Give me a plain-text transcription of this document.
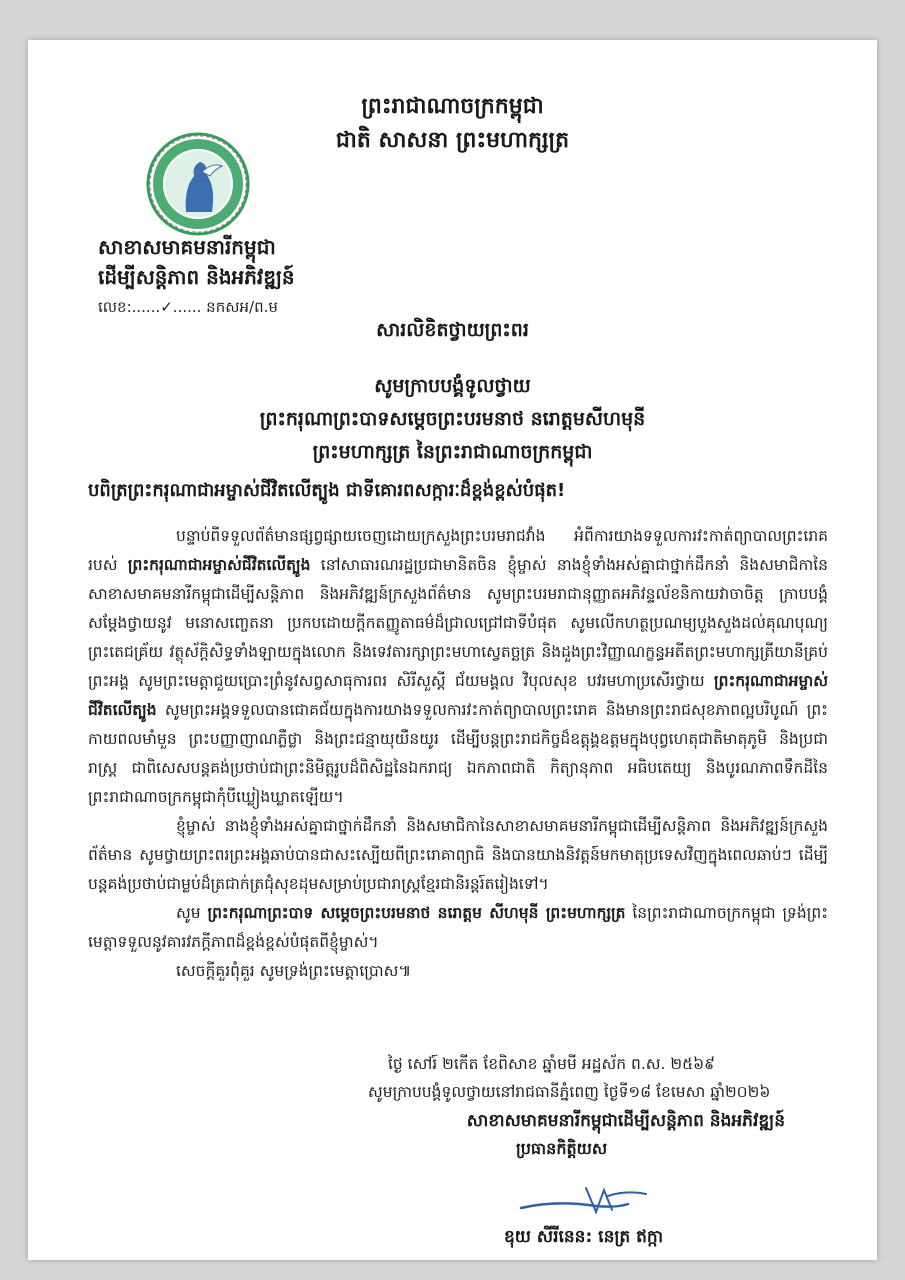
ព្រះរាជាណាចក្រកម្ពុជា
ជាតិ សាសនា ព្រះមហាក្សត្រ
សាខាសមាគមនារីកម្ពុជា
ដើម្បីសន្តិភាព និងអភិវឌ្ឍន៍
លេខ:......✓...... នកសអ/ព.ម
សារលិខិតថ្វាយព្រះពរ
សូមក្រាបបង្គំទូលថ្វាយ
ព្រះករុណាព្រះបាទសម្តេចព្រះបរមនាថ នរោត្តមសីហមុនី
ព្រះមហាក្សត្រ នៃព្រះរាជាណាចក្រកម្ពុជា
បពិត្រព្រះករុណាជាអម្ចាស់ជីវិតលើត្បូង ជាទីគោរពសក្ការៈដ៏ខ្ពង់ខ្ពស់បំផុត!

បន្ទាប់ពីទទួលព័ត៌មានផ្សព្វផ្សាយចេញដោយក្រសួងព្រះបរមរាជវាំង អំពីការយាងទទួលការវះកាត់ព្យាបាលព្រះរោគរបស់ ព្រះករុណាជាអម្ចាស់ជីវិតលើត្បូង នៅសាធារណរដ្ឋប្រជាមានិតចិន ខ្ញុំម្ចាស់ នាងខ្ញុំទាំងអស់គ្នាជាថ្នាក់ដឹកនាំ និងសមាជិកានៃសាខាសមាគមនារីកម្ពុជាដើម្បីសន្តិភាព និងអភិវឌ្ឍន៍ក្រសួងព័ត៌មាន សូមព្រះបរមរាជានុញ្ញាតអភិវន្ទល័ខនិកាយវាចាចិត្ត ក្រាបបង្គំសម្តែងថ្វាយនូវ មនោសញ្ចេតនា ប្រកបដោយក្តីកតញ្ញូតាធម៌ដ៏ជ្រាលជ្រៅជាទីបំផុត សូមលើកហត្ថប្រណម្យបួងសួងដល់គុណបុណ្យព្រះតេជគ្រ័យ វត្ថុស័ក្តិសិទ្ធទាំងឡាយក្នុងលោក និងទេវតារក្សាព្រះមហាស្វេតច្ឆត្រ និងដួងព្រះវិញ្ញាណក្ខន្ធអតីតព្រះមហាក្សត្រីយានីគ្រប់ព្រះអង្គ សូមព្រះមេត្តាជួយប្រោះព្រំនូវសព្វសាធុការពរ សិរីសួស្តី ជ័យមង្គល វិបុលសុខ បវរមហាប្រសើរថ្វាយ ព្រះករុណាជាអម្ចាស់ជីវិតលើត្បូង សូមព្រះអង្គទទួលបានជោគជ័យក្នុងការយាងទទួលការវះកាត់ព្យាបាលព្រះរោគ និងមានព្រះរាជសុខភាពល្អបរិបូណ៍ ព្រះកាយពលមាំមួន ព្រះបញ្ញាញាណភ្លឺថ្លា និងព្រះជន្មាយុយឺនយូរ ដើម្បីបន្តព្រះរាជកិច្ចដ៏ឧត្តុង្គឧត្តមក្នុងបុព្វហេតុជាតិមាតុភូមិ និងប្រជារាស្ត្រ ជាពិសេសបន្តគង់ប្រថាប់ជាព្រះនិមិត្តរូបដ៏ពិសិដ្ឋនៃឯករាជ្យ ឯកភាពជាតិ កិត្យានុភាព អធិបតេយ្យ និងបូរណភាពទឹកដីនៃព្រះរាជាណាចក្រកម្ពុជាកុំបីឃ្លៀងឃ្លាតឡើយ។

ខ្ញុំម្ចាស់ នាងខ្ញុំទាំងអស់គ្នាជាថ្នាក់ដឹកនាំ និងសមាជិកានៃសាខាសមាគមនារីកម្ពុជាដើម្បីសន្តិភាព និងអភិវឌ្ឍន៍ក្រសួងព័ត៌មាន សូមថ្វាយព្រះពរព្រះអង្គឆាប់បានជាសះស្បើយពីព្រះរោគាព្យាធិ និងបានយាងនិវត្តន៍មកមាតុប្រទេសវិញក្នុងពេលឆាប់ៗ ដើម្បីបន្តគង់ប្រថាប់ជាម្លប់ដ៏ត្រជាក់ត្រជុំសុខដុមសម្រាប់ប្រជារាស្ត្រខ្មែរជានិរន្តរ៍តរៀងទៅ។

សូម ព្រះករុណាព្រះបាទ សម្តេចព្រះបរមនាថ នរោត្តម សីហមុនី ព្រះមហាក្សត្រ នៃព្រះរាជាណាចក្រកម្ពុជា ទ្រង់ព្រះមេត្តាទទួលនូវគារវភក្តីភាពដ៏ខ្ពង់ខ្ពស់បំផុតពីខ្ញុំម្ចាស់។

សេចក្តីគួរពុំគួរ សូមទ្រង់ព្រះមេត្តាប្រោស៕

ថ្ងៃ សៅរ៍ ២កើត ខែពិសាខ ឆ្នាំមមី អដ្ឋស័ក ព.ស. ២៥៦៩
សូមក្រាបបង្គំទូលថ្វាយនៅរាជធានីភ្នំពេញ ថ្ងៃទី១៨ ខែមេសា ឆ្នាំ២០២៦
សាខាសមាគមនារីកម្ពុជាដើម្បីសន្តិភាព និងអភិវឌ្ឍន៍
ប្រធានកិត្តិយស
ឧុយ សីរីនេន: នេត្រ ឥក្កា
